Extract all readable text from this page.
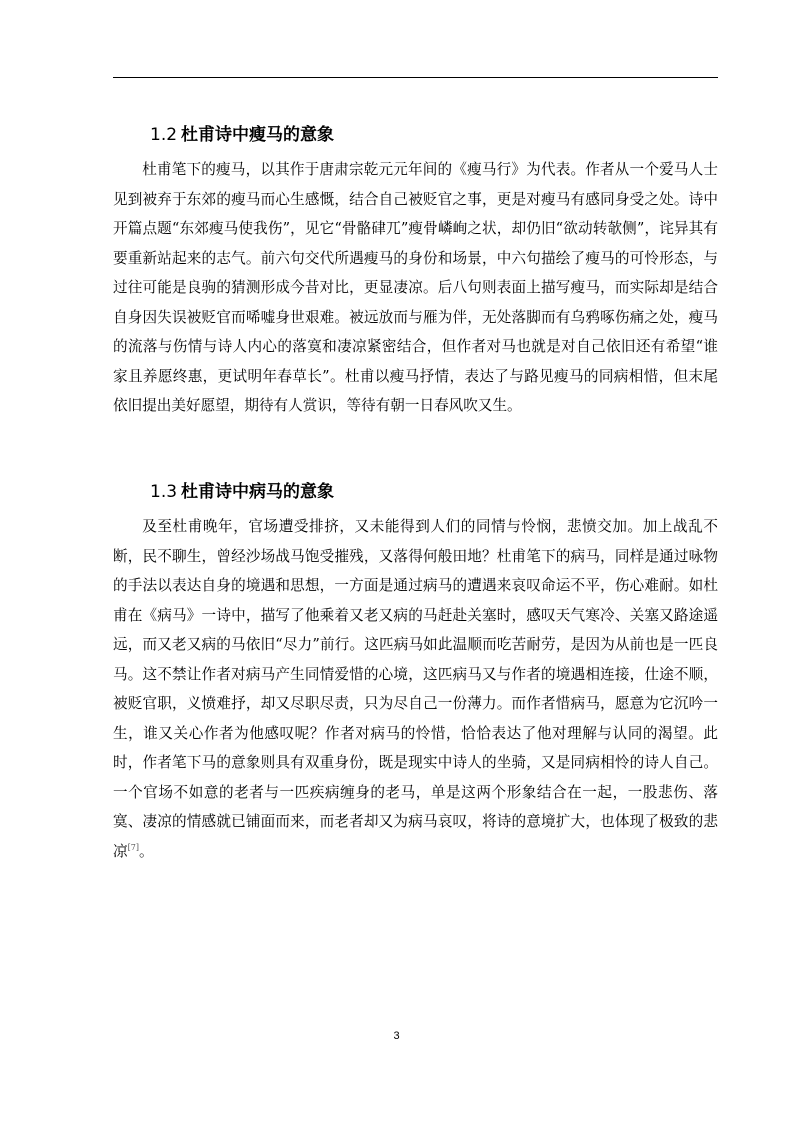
1.2 杜甫诗中瘦马的意象

杜甫笔下的瘦马，以其作于唐肃宗乾元元年间的《瘦马行》为代表。作者从一个爱马人士见到被弃于东郊的瘦马而心生感慨，结合自己被贬官之事，更是对瘦马有感同身受之处。诗中开篇点题“东郊瘦马使我伤”，见它“骨骼硉兀”瘦骨嶙峋之状，却仍旧“欲动转欹侧”，诧异其有要重新站起来的志气。前六句交代所遇瘦马的身份和场景，中六句描绘了瘦马的可怜形态，与过往可能是良驹的猜测形成今昔对比，更显凄凉。后八句则表面上描写瘦马，而实际却是结合自身因失误被贬官而唏嘘身世艰难。被远放而与雁为伴，无处落脚而有乌鸦啄伤痛之处，瘦马的流落与伤情与诗人内心的落寞和凄凉紧密结合，但作者对马也就是对自己依旧还有希望“谁家且养愿终惠，更试明年春草长”。杜甫以瘦马抒情，表达了与路见瘦马的同病相惜，但末尾依旧提出美好愿望，期待有人赏识，等待有朝一日春风吹又生。

1.3 杜甫诗中病马的意象

及至杜甫晚年，官场遭受排挤，又未能得到人们的同情与怜悯，悲愤交加。加上战乱不断，民不聊生，曾经沙场战马饱受摧残，又落得何般田地？杜甫笔下的病马，同样是通过咏物的手法以表达自身的境遇和思想，一方面是通过病马的遭遇来哀叹命运不平，伤心难耐。如杜甫在《病马》一诗中，描写了他乘着又老又病的马赶赴关塞时，感叹天气寒冷、关塞又路途遥远，而又老又病的马依旧“尽力”前行。这匹病马如此温顺而吃苦耐劳，是因为从前也是一匹良马。这不禁让作者对病马产生同情爱惜的心境，这匹病马又与作者的境遇相连接，仕途不顺，被贬官职，义愤难抒，却又尽职尽责，只为尽自己一份薄力。而作者惜病马，愿意为它沉吟一生，谁又关心作者为他感叹呢？作者对病马的怜惜，恰恰表达了他对理解与认同的渴望。此时，作者笔下马的意象则具有双重身份，既是现实中诗人的坐骑，又是同病相怜的诗人自己。一个官场不如意的老者与一匹疾病缠身的老马，单是这两个形象结合在一起，一股悲伤、落寞、凄凉的情感就已铺面而来，而老者却又为病马哀叹，将诗的意境扩大，也体现了极致的悲凉[7]。

3
